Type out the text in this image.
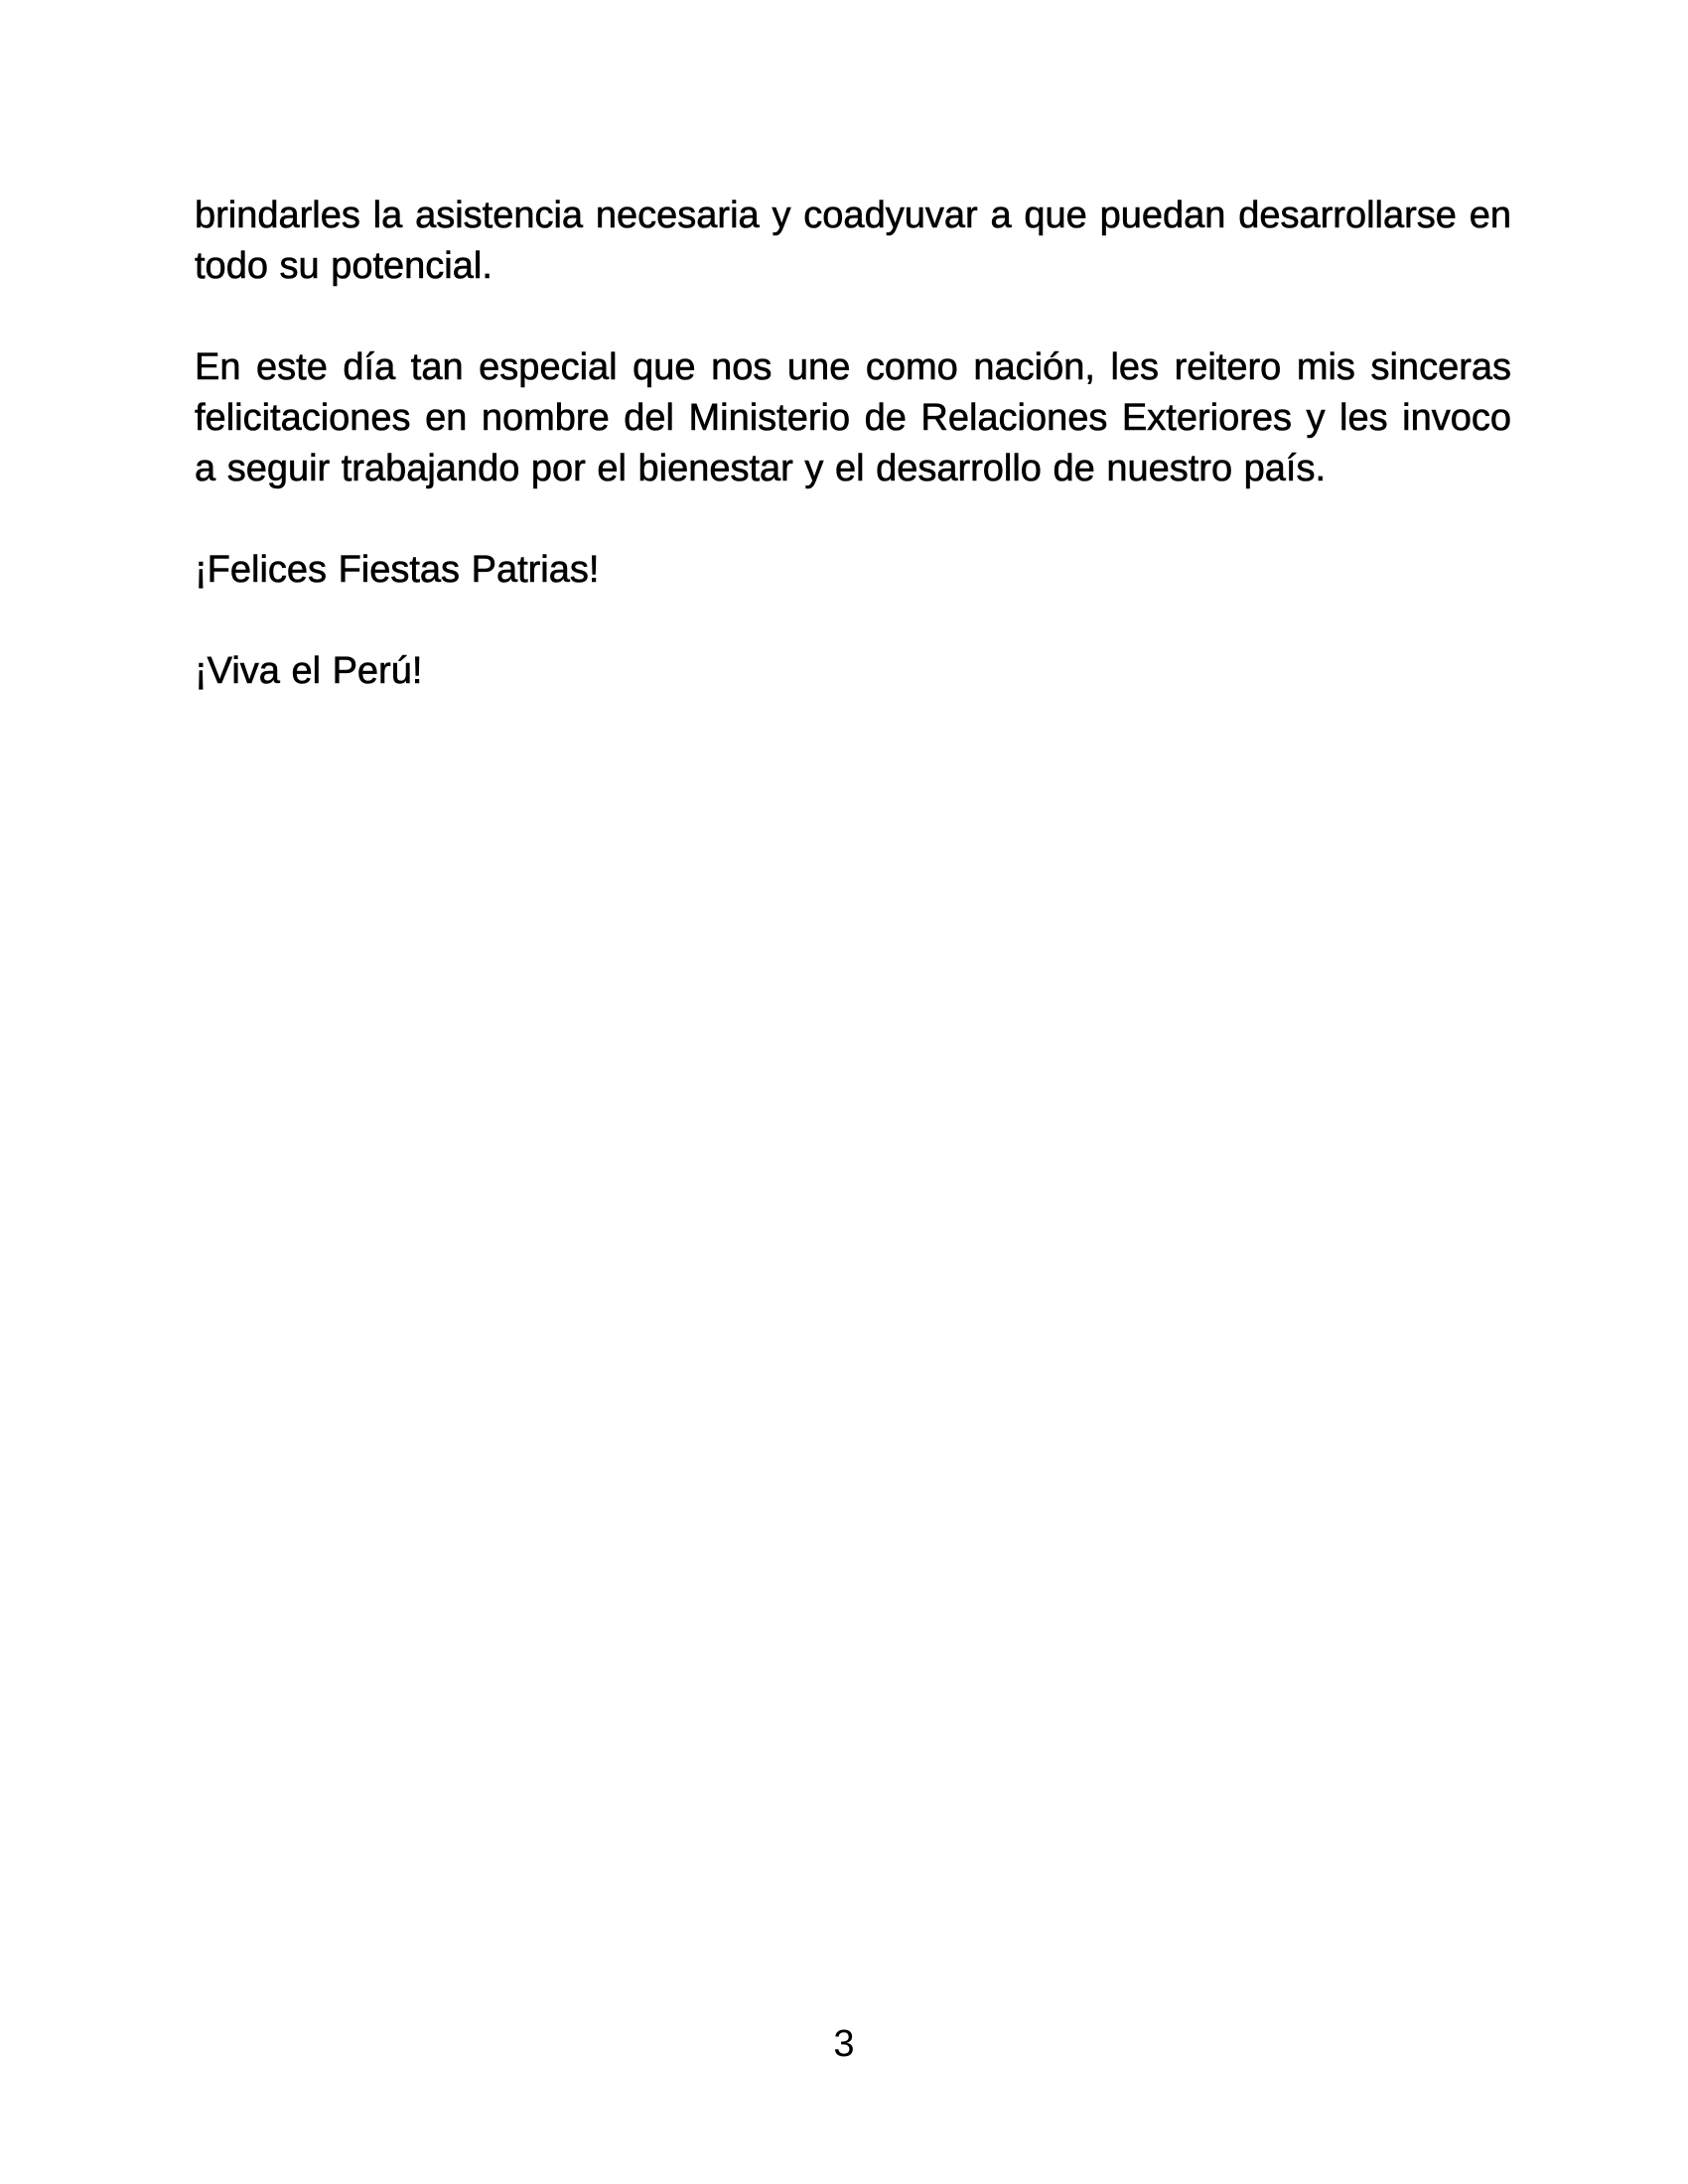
brindarles la asistencia necesaria y coadyuvar a que puedan desarrollarse en todo su potencial.

En este día tan especial que nos une como nación, les reitero mis sinceras felicitaciones en nombre del Ministerio de Relaciones Exteriores y les invoco a seguir trabajando por el bienestar y el desarrollo de nuestro país.

¡Felices Fiestas Patrias!

¡Viva el Perú!

3
